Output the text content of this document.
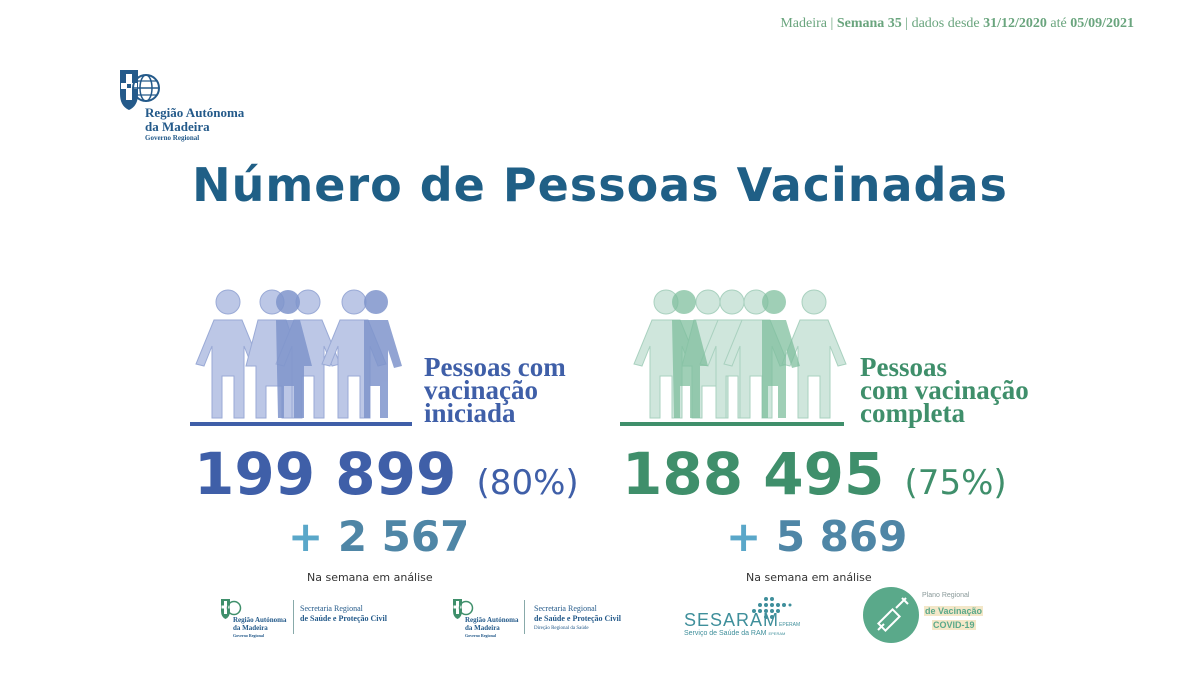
Madeira | Semana 35 | dados desde 31/12/2020 até 05/09/2021
Região Autónoma
da Madeira
Governo Regional
Número de Pessoas Vacinadas
Pessoas com
vacinação
iniciada
199 899 (80%)
+ 2 567
Na semana em análise
Pessoas
com vacinação
completa
188 495 (75%)
+ 5 869
Na semana em análise
Região Autónoma
da Madeira
Governo Regional
Secretaria Regional
de Saúde e Proteção Civil	Região Autónoma
da Madeira
Governo Regional
Secretaria Regional
de Saúde e Proteção Civil
Direção Regional da Saúde	SESARAMEPERAM
Serviço de Saúde da RAM EPERAM
Plano Regional
de Vacinação
COVID-19
